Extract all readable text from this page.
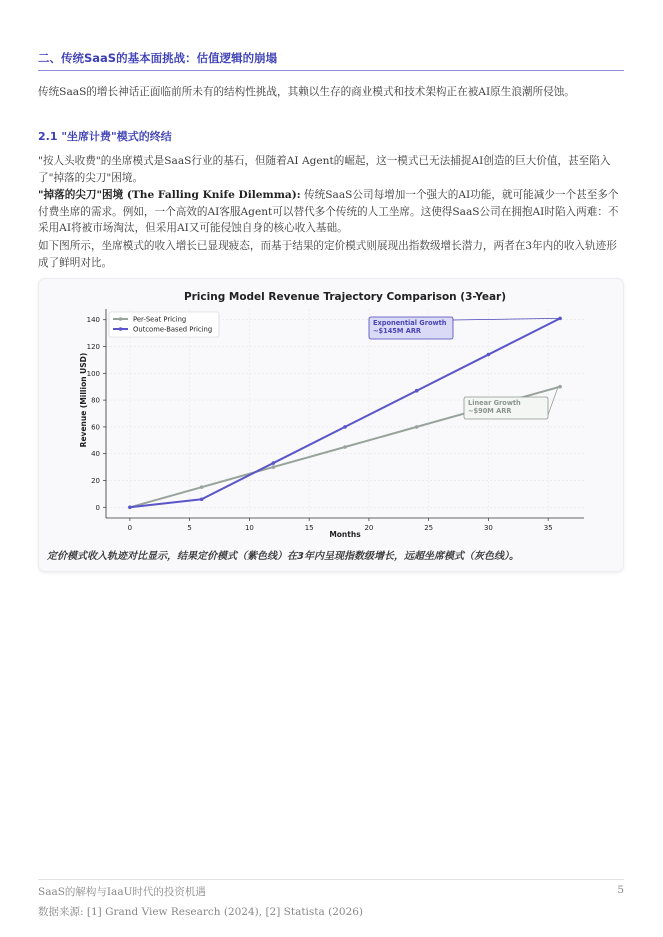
二、传统SaaS的基本面挑战：估值逻辑的崩塌

传统SaaS的增长神话正面临前所未有的结构性挑战，其赖以生存的商业模式和技术架构正在被AI原生浪潮所侵蚀。

2.1 "坐席计费"模式的终结

"按人头收费"的坐席模式是SaaS行业的基石，但随着AI Agent的崛起，这一模式已无法捕捉AI创造的巨大价值，甚至陷入了"掉落的尖刀"困境。

"掉落的尖刀"困境 (The Falling Knife Dilemma): 传统SaaS公司每增加一个强大的AI功能，就可能减少一个甚至多个付费坐席的需求。例如，一个高效的AI客服Agent可以替代多个传统的人工坐席。这使得SaaS公司在拥抱AI时陷入两难：不采用AI将被市场淘汰，但采用AI又可能侵蚀自身的核心收入基础。

如下图所示，坐席模式的收入增长已显现疲态，而基于结果的定价模式则展现出指数级增长潜力，两者在3年内的收入轨迹形成了鲜明对比。

Pricing Model Revenue Trajectory Comparison (3-Year)
Revenue (Million USD)
Months
0	5	10	15	20	25	30	35
0
20
40
60
80
100
120
140	Exponential Growth
~$145M ARR
Linear Growth
~$90M ARR
Per-Seat Pricing
Outcome-Based Pricing

定价模式收入轨迹对比显示，结果定价模式（紫色线）在3年内呈现指数级增长，远超坐席模式（灰色线）。

SaaS的解构与IaaU时代的投资机遇	5
数据来源: [1] Grand View Research (2024), [2] Statista (2026)
